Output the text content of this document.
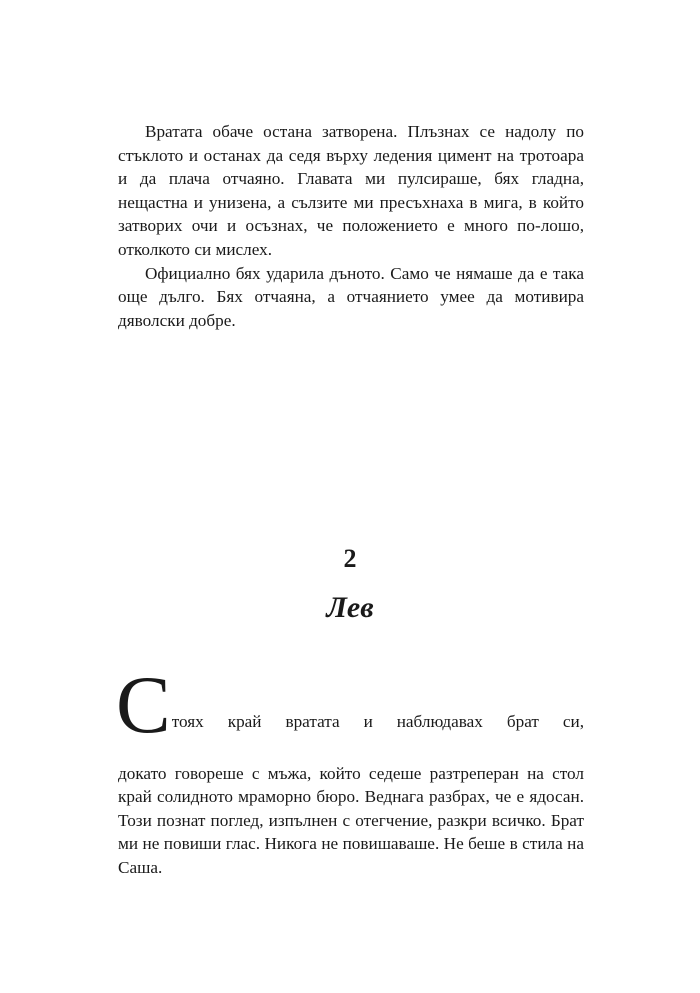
Вратата обаче остана затворена. Плъзнах се надолу по стъклото и останах да седя върху ледения цимент на тротоара и да плача отчаяно. Главата ми пулсираше, бях гладна, нещастна и унизена, а сълзите ми пресъхнаха в мига, в който затворих очи и осъзнах, че положението е много по-лошо, отколкото си мислех.

Официално бях ударила дъното. Само че нямаше да е така още дълго. Бях отчаяна, а отчаянието умее да мотивира дяволски добре.

2
Лев
С тоях край вратата и наблюдавах брат си,

докато говореше с мъжа, който седеше разтреперан на стол край солидното мраморно бюро. Веднага разбрах, че е ядосан. Този познат поглед, изпълнен с отегчение, разкри всичко. Брат ми не повиши глас. Никога не повишаваше. Не беше в стила на Саша.
